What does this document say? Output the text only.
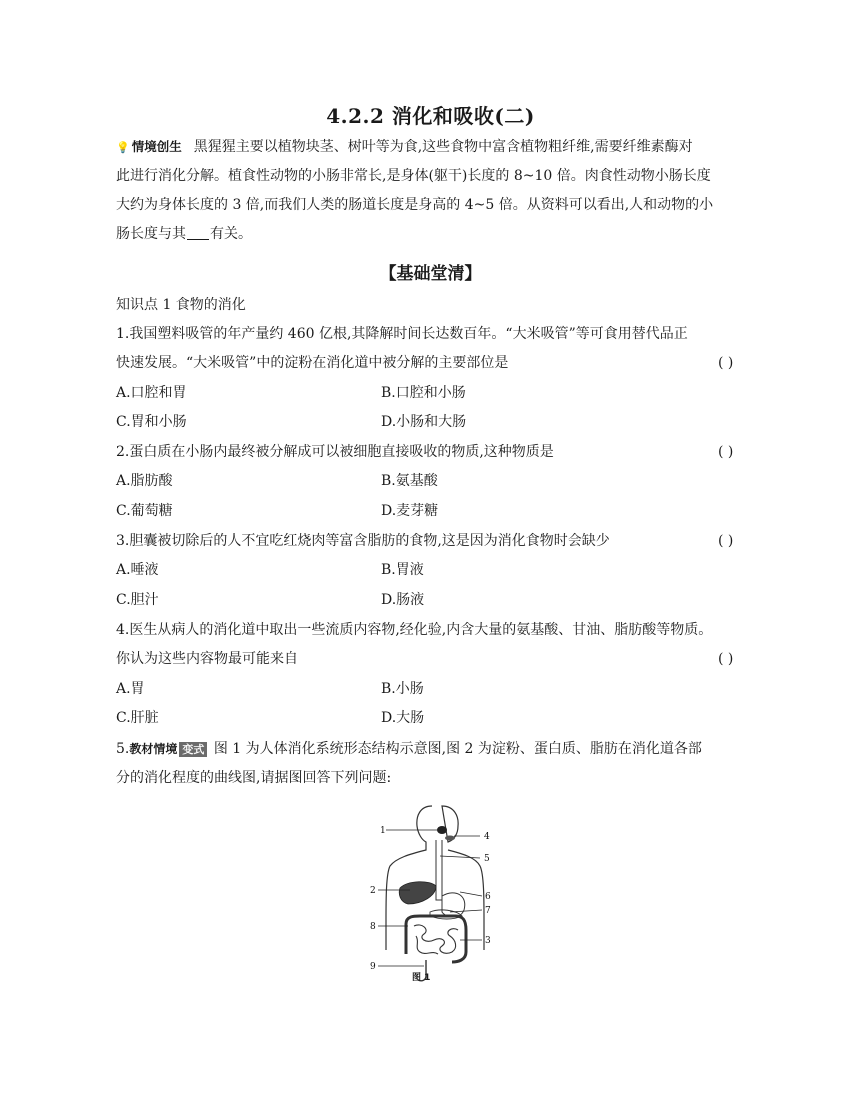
4.2.2 消化和吸收(二)
💡 情境创生 黑猩猩主要以植物块茎、树叶等为食,这些食物中富含植物粗纤维,需要纤维素酶对
此进行消化分解。植食性动物的小肠非常长,是身体(躯干)长度的 8~10 倍。肉食性动物小肠长度
大约为身体长度的 3 倍,而我们人类的肠道长度是身高的 4~5 倍。从资料可以看出,人和动物的小
肠长度与其 有关。
【基础堂清】
知识点 1 食物的消化
1.我国塑料吸管的年产量约 460 亿根,其降解时间长达数百年。“大米吸管”等可食用替代品正
快速发展。“大米吸管”中的淀粉在消化道中被分解的主要部位是	( )
A.口腔和胃	B.口腔和小肠
C.胃和小肠	D.小肠和大肠
2.蛋白质在小肠内最终被分解成可以被细胞直接吸收的物质,这种物质是	( )
A.脂肪酸	B.氨基酸
C.葡萄糖	D.麦芽糖
3.胆囊被切除后的人不宜吃红烧肉等富含脂肪的食物,这是因为消化食物时会缺少	( )
A.唾液	B.胃液
C.胆汁	D.肠液
4.医生从病人的消化道中取出一些流质内容物,经化验,内含大量的氨基酸、甘油、脂肪酸等物质。
你认为这些内容物最可能来自	( )
A.胃	B.小肠
C.肝脏	D.大肠
5.教材情境 变式 图 1 为人体消化系统形态结构示意图,图 2 为淀粉、蛋白质、脂肪在消化道各部
分的消化程度的曲线图,请据图回答下列问题:
1
4
5
2
6
7
8
3
9
图 1
